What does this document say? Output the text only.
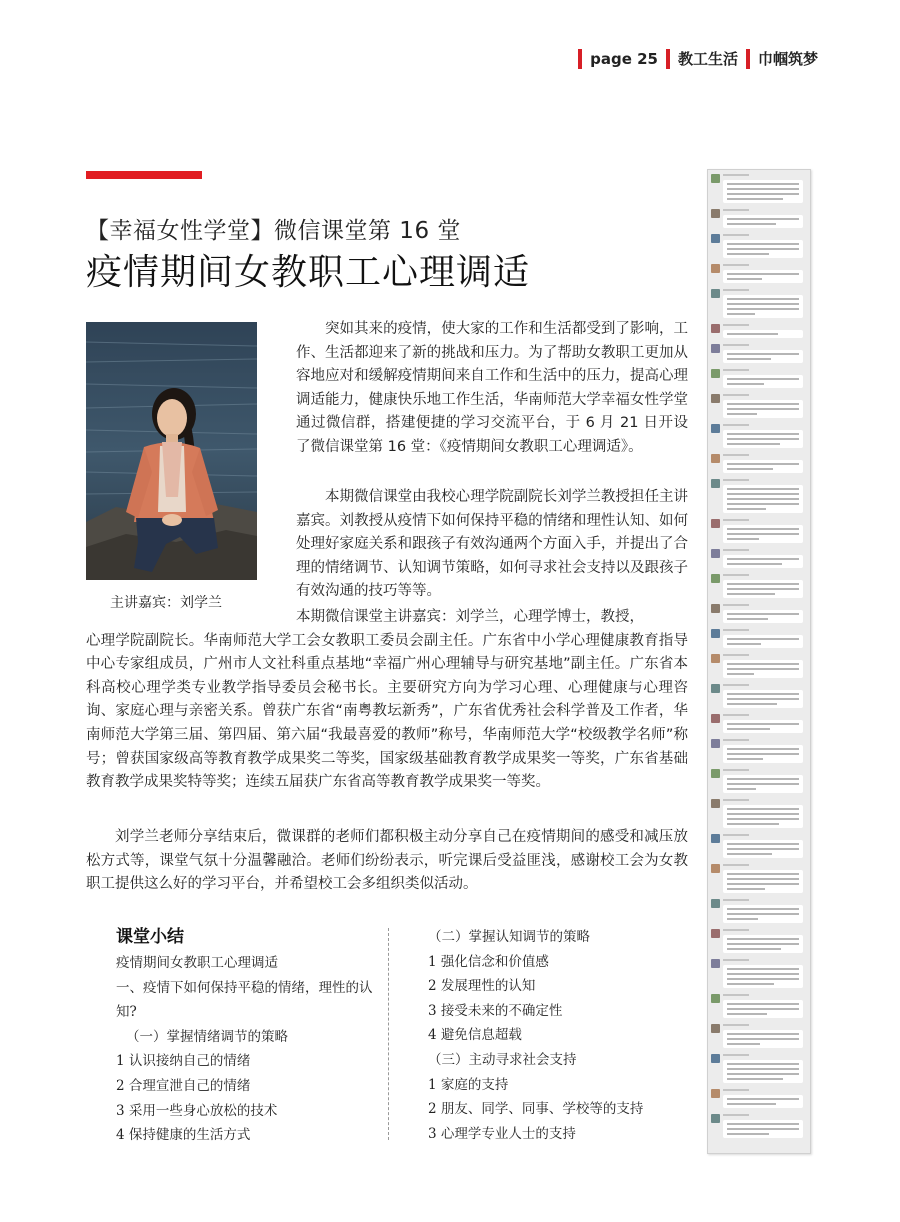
page 25 教工生活 巾帼筑梦
【幸福女性学堂】微信课堂第 16 堂
疫情期间女教职工心理调适
主讲嘉宾：刘学兰
突如其来的疫情，使大家的工作和生活都受到了影响，工作、生活都迎来了新的挑战和压力。为了帮助女教职工更加从容地应对和缓解疫情期间来自工作和生活中的压力，提高心理调适能力，健康快乐地工作生活，华南师范大学幸福女性学堂通过微信群，搭建便捷的学习交流平台，于 6 月 21 日开设了微信课堂第 16 堂：《疫情期间女教职工心理调适》。
本期微信课堂由我校心理学院副院长刘学兰教授担任主讲嘉宾。刘教授从疫情下如何保持平稳的情绪和理性认知、如何处理好家庭关系和跟孩子有效沟通两个方面入手，并提出了合理的情绪调节、认知调节策略，如何寻求社会支持以及跟孩子有效沟通的技巧等等。
本期微信课堂主讲嘉宾：刘学兰，心理学博士，教授，
心理学院副院长。华南师范大学工会女教职工委员会副主任。广东省中小学心理健康教育指导中心专家组成员，广州市人文社科重点基地“幸福广州心理辅导与研究基地”副主任。广东省本科高校心理学类专业教学指导委员会秘书长。主要研究方向为学习心理、心理健康与心理咨询、家庭心理与亲密关系。曾获广东省“南粤教坛新秀”，广东省优秀社会科学普及工作者，华南师范大学第三届、第四届、第六届“我最喜爱的教师”称号，华南师范大学“校级教学名师”称号；曾获国家级高等教育教学成果奖二等奖，国家级基础教育教学成果奖一等奖，广东省基础教育教学成果奖特等奖；连续五届获广东省高等教育教学成果奖一等奖。
刘学兰老师分享结束后，微课群的老师们都积极主动分享自己在疫情期间的感受和减压放松方式等，课堂气氛十分温馨融洽。老师们纷纷表示，听完课后受益匪浅，感谢校工会为女教职工提供这么好的学习平台，并希望校工会多组织类似活动。
课堂小结
疫情期间女教职工心理调适
一、疫情下如何保持平稳的情绪，理性的认知?
（一）掌握情绪调节的策略
1 认识接纳自己的情绪
2 合理宣泄自己的情绪
3 采用一些身心放松的技术
4 保持健康的生活方式
（二）掌握认知调节的策略
1 强化信念和价值感
2 发展理性的认知
3 接受未来的不确定性
4 避免信息超载
（三）主动寻求社会支持
1 家庭的支持
2 朋友、同学、同事、学校等的支持
3 心理学专业人士的支持
